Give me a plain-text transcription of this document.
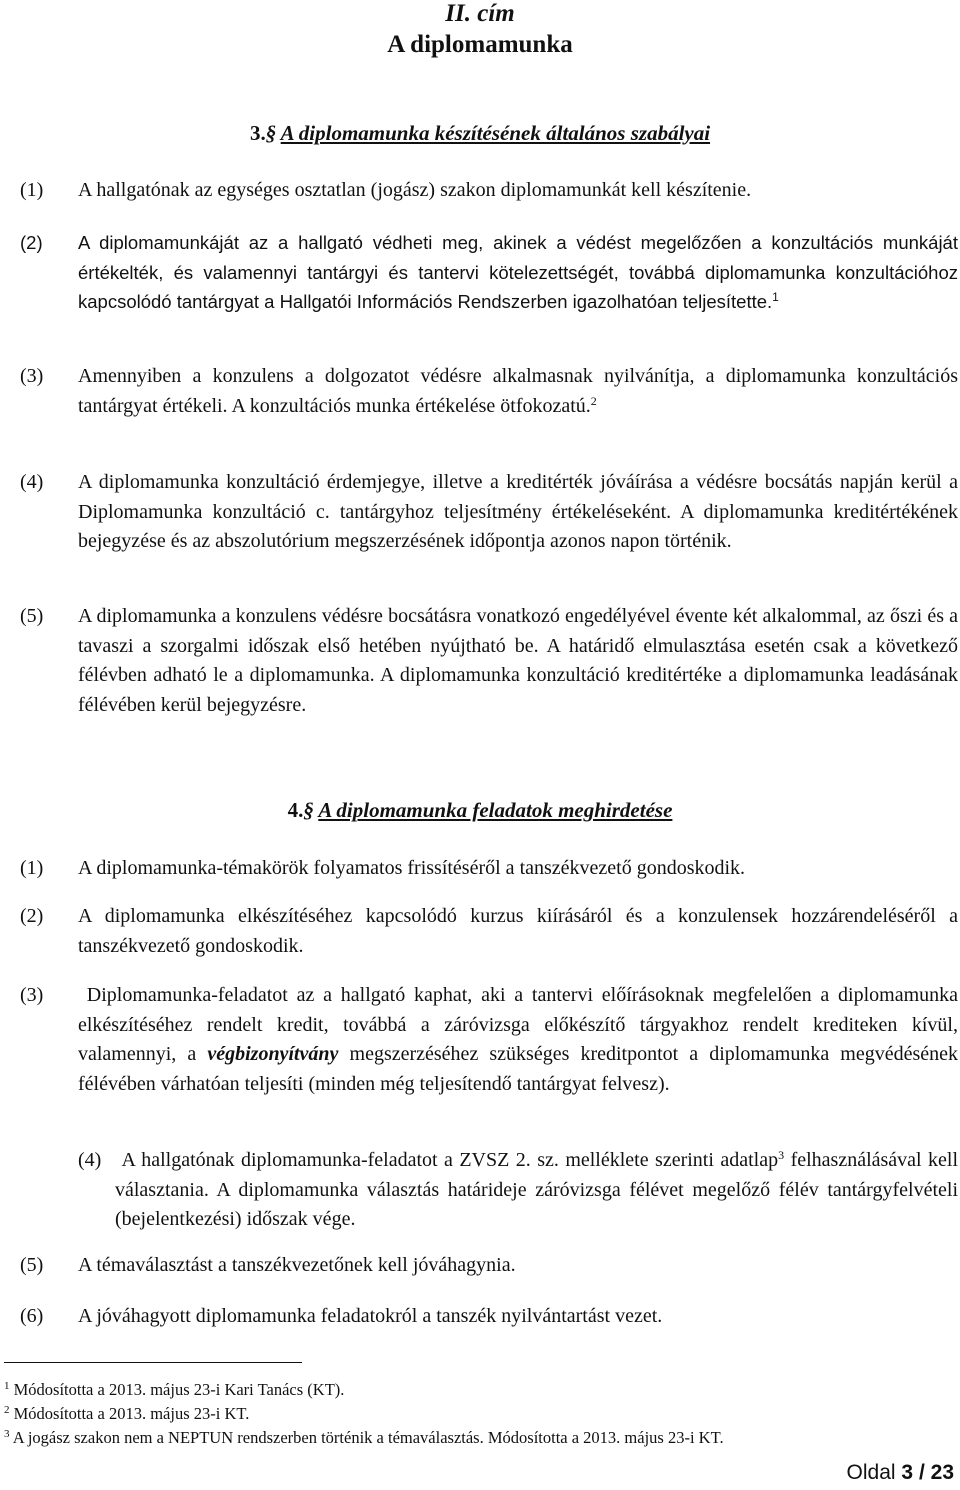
II. cím
A diplomamunka
3.§ A diplomamunka készítésének általános szabályai
(1) A hallgatónak az egységes osztatlan (jogász) szakon diplomamunkát kell készítenie.
(2) A diplomamunkáját az a hallgató védheti meg, akinek a védést megelőzően a konzultációs munkáját értékelték, és valamennyi tantárgyi és tantervi kötelezettségét, továbbá diplomamunka konzultációhoz kapcsolódó tantárgyat a Hallgatói Információs Rendszerben igazolhatóan teljesítette.$^1$
(3) Amennyiben a konzulens a dolgozatot védésre alkalmasnak nyilvánítja, a diplomamunka konzultációs tantárgyat értékeli. A konzultációs munka értékelése ötfokozatú.$^2$
(4) A diplomamunka konzultáció érdemjegye, illetve a kreditérték jóváírása a védésre bocsátás napján kerül a Diplomamunka konzultáció c. tantárgyhoz teljesítmény értékeléseként. A diplomamunka kreditértékének bejegyzése és az abszolutórium megszerzésének időpontja azonos napon történik.
(5) A diplomamunka a konzulens védésre bocsátásra vonatkozó engedélyével évente két alkalommal, az őszi és a tavaszi a szorgalmi időszak első hetében nyújtható be. A határidő elmulasztása esetén csak a következő félévben adható le a diplomamunka. A diplomamunka konzultáció kreditértéke a diplomamunka leadásának félévében kerül bejegyzésre.
4.§ A diplomamunka feladatok meghirdetése
(1) A diplomamunka-témakörök folyamatos frissítéséről a tanszékvezető gondoskodik.
(2) A diplomamunka elkészítéséhez kapcsolódó kurzus kiírásáról és a konzulensek hozzárendeléséről a tanszékvezető gondoskodik.
(3)	Diplomamunka-feladatot az a hallgató kaphat, aki a tantervi előírásoknak megfelelően a diplomamunka elkészítéséhez rendelt kredit, továbbá a záróvizsga előkészítő tárgyakhoz rendelt krediteken kívül, valamennyi, a végbizonyítvány megszerzéséhez szükséges kreditpontot a diplomamunka megvédésének félévében várhatóan teljesíti (minden még teljesítendő tantárgyat felvesz).
(4)	A hallgatónak diplomamunka-feladatot a ZVSZ 2. sz. melléklete szerinti adatlap$^3$ felhasználásával kell választania. A diplomamunka választás határideje záróvizsga félévet megelőző félév tantárgyfelvételi (bejelentkezési) időszak vége.
(5) A témaválasztást a tanszékvezetőnek kell jóváhagynia.
(6) A jóváhagyott diplomamunka feladatokról a tanszék nyilvántartást vezet.
$^1$ Módosította a 2013. május 23-i Kari Tanács (KT).
$^2$ Módosította a 2013. május 23-i KT.
$^3$ A jogász szakon nem a NEPTUN rendszerben történik a témaválasztás. Módosította a 2013. május 23-i KT.
Oldal 3 / 23
